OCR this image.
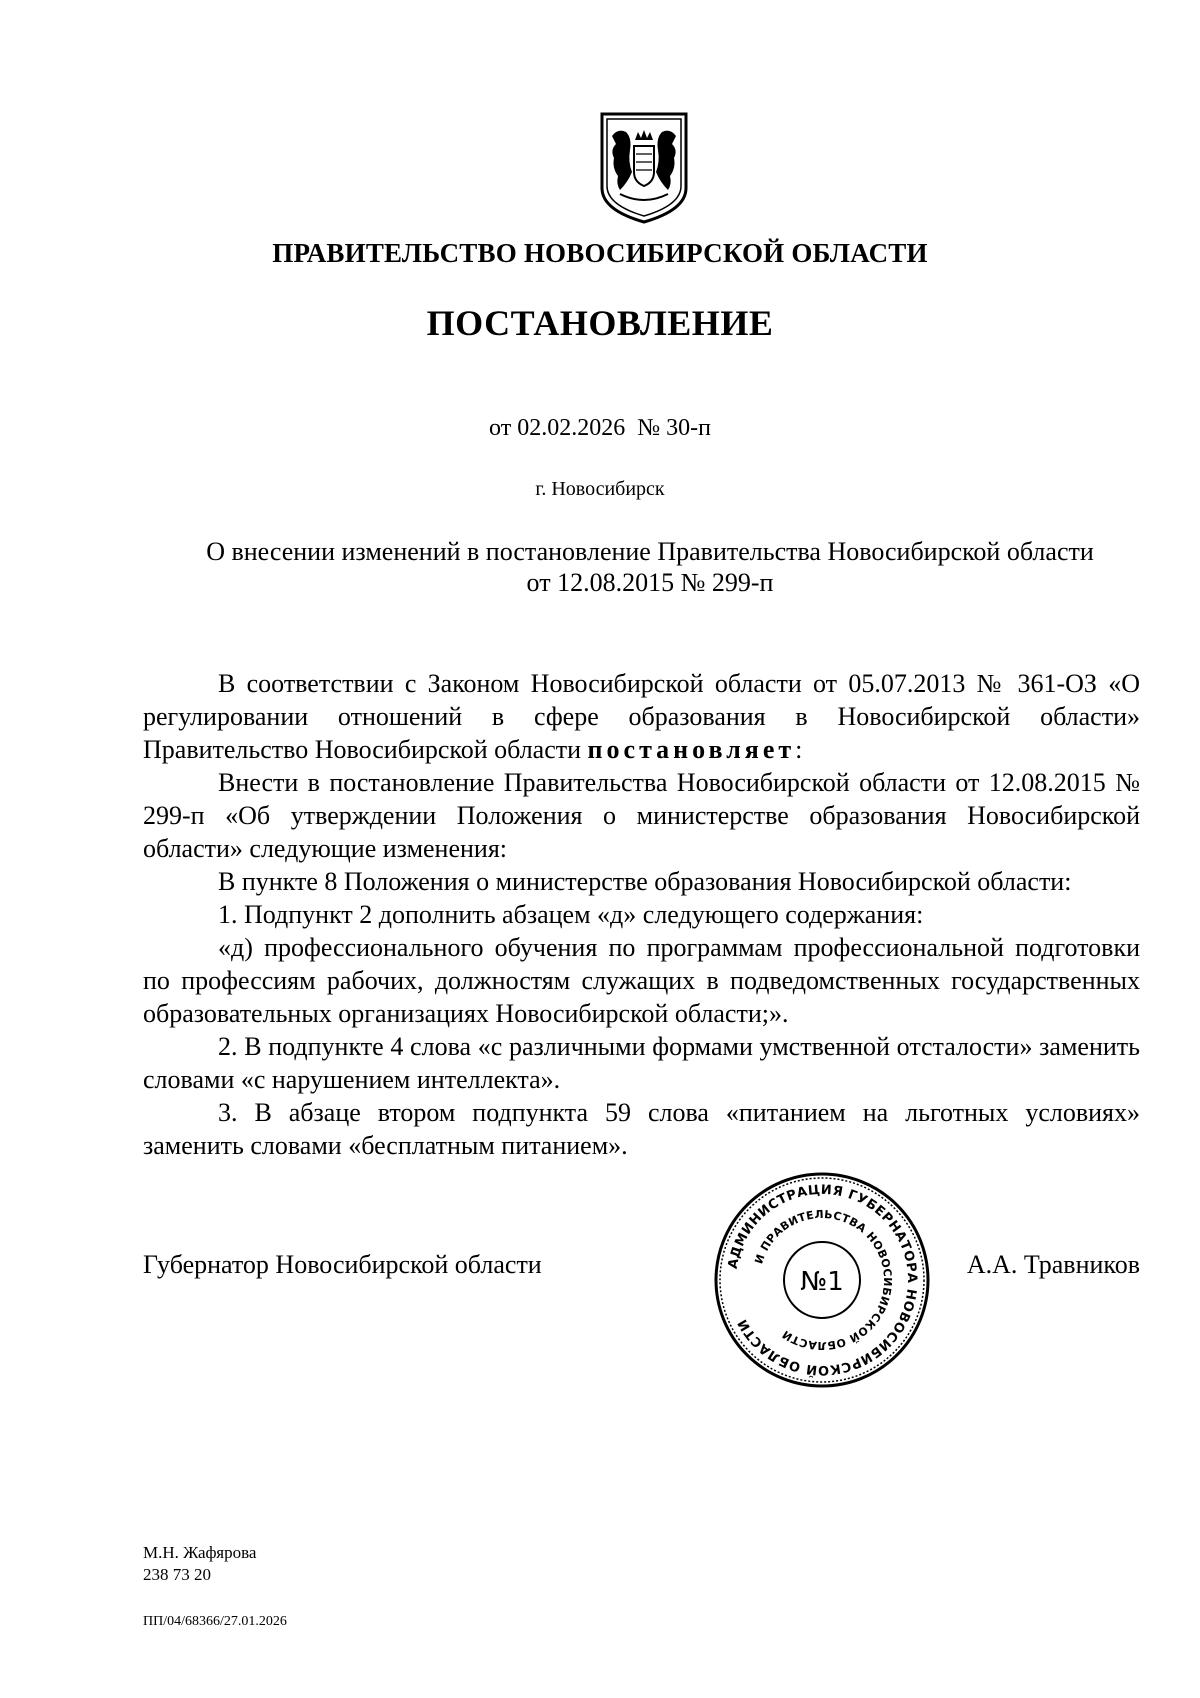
ПРАВИТЕЛЬСТВО НОВОСИБИРСКОЙ ОБЛАСТИ
ПОСТАНОВЛЕНИЕ
от 02.02.2026  № 30-п
г. Новосибирск
О внесении изменений в постановление Правительства Новосибирской области
от 12.08.2015 № 299-п

В соответствии с Законом Новосибирской области от 05.07.2013 № 361-ОЗ «О регулировании отношений в сфере образования в Новосибирской области» Правительство Новосибирской области постановляет:

Внести в постановление Правительства Новосибирской области от 12.08.2015 № 299-п «Об утверждении Положения о министерстве образования Новосибирской области» следующие изменения:

В пункте 8 Положения о министерстве образования Новосибирской области:

1. Подпункт 2 дополнить абзацем «д» следующего содержания:

«д) профессионального обучения по программам профессиональной подготовки по профессиям рабочих, должностям служащих в подведомственных государственных образовательных организациях Новосибирской области;».

2. В подпункте 4 слова «с различными формами умственной отсталости» заменить словами «с нарушением интеллекта».

3. В абзаце втором подпункта 59 слова «питанием на льготных условиях» заменить словами «бесплатным питанием».

Губернатор Новосибирской области	АДМИНИСТРАЦИЯ ГУБЕРНАТОРА НОВОСИБИРСКОЙ ОБЛАСТИ
И ПРАВИТЕЛЬСТВА НОВОСИБИРСКОЙ ОБЛАСТИ
№1
А.А. Травников
М.Н. Жафярова
238 73 20
ПП/04/68366/27.01.2026
